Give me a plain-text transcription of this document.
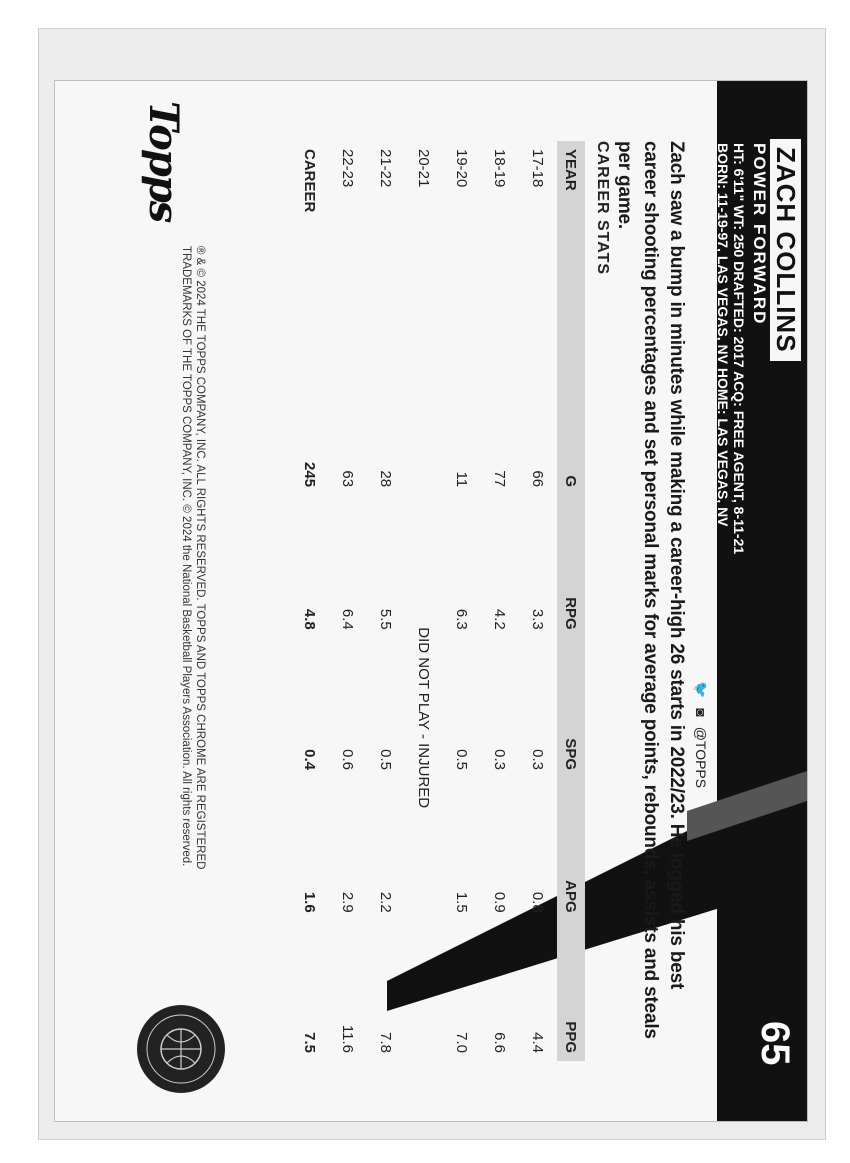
ZACH COLLINS
POWER FORWARD
HT: 6'11" WT: 250 DRAFTED: 2017 ACQ: FREE AGENT, 8-11-21
BORN: 11-19-97, LAS VEGAS, NV HOME: LAS VEGAS, NV
65
🐦 ◙ @TOPPS
Zach saw a bump in minutes while making a career-high 26 starts in 2022/23. He logged his best career shooting percentages and set personal marks for average points, rebounds, assists and steals per game.
CAREER STATS
YEAR	G	RPG	SPG	APG	PPG
17-18	66	3.3	0.3	0.8	4.4
18-19	77	4.2	0.3	0.9	6.6
19-20	11	6.3	0.5	1.5	7.0
20-21	DID NOT PLAY - INJURED				
21-22	28	5.5	0.5	2.2	7.8
22-23	63	6.4	0.6	2.9	11.6
CAREER	245	4.8	0.4	1.6	7.5
Topps
® & © 2024 THE TOPPS COMPANY, INC. ALL RIGHTS RESERVED. TOPPS AND TOPPS CHROME ARE REGISTERED
TRADEMARKS OF THE TOPPS COMPANY, INC. © 2024 the National Basketball Players Association. All rights reserved.
